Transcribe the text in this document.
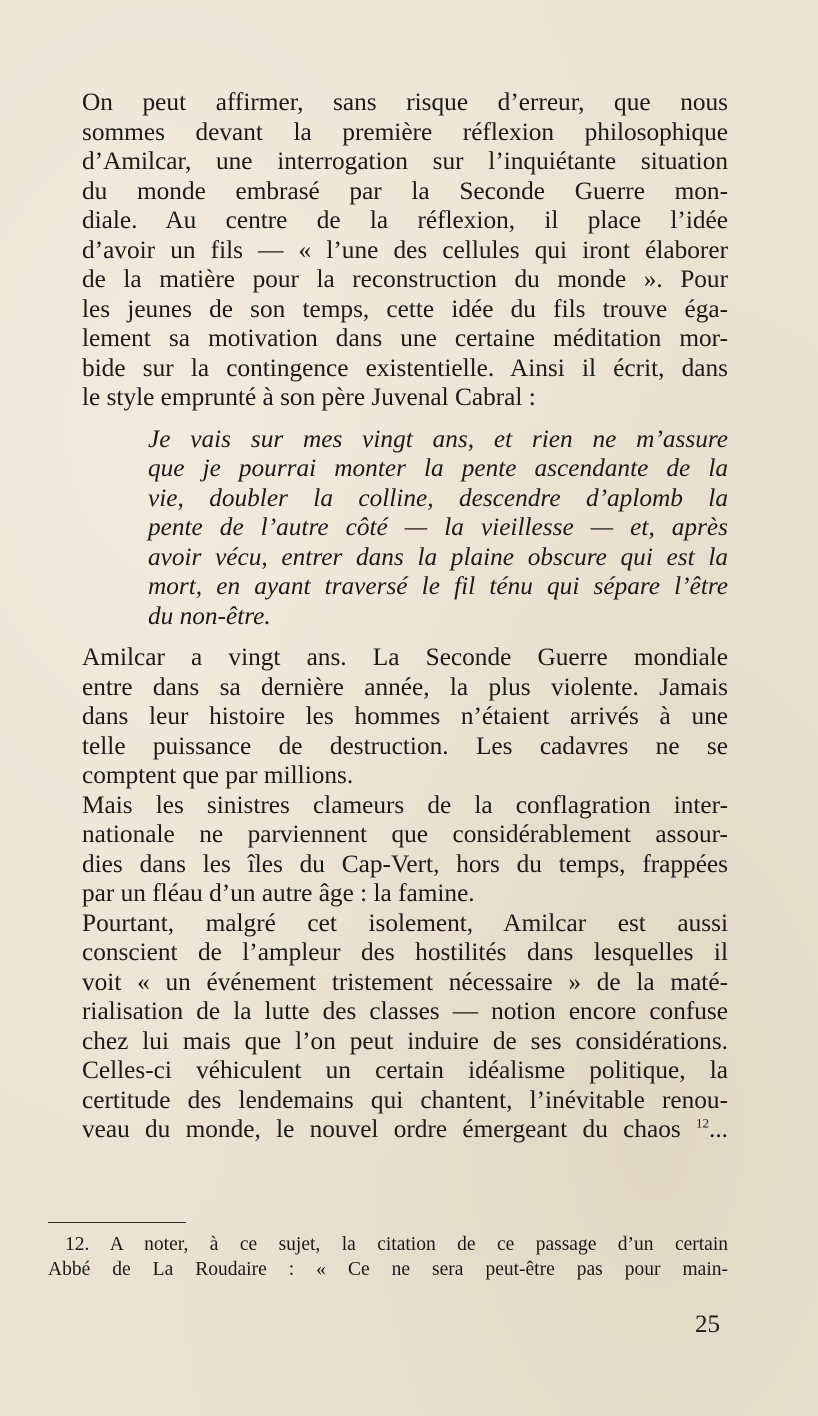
On peut affirmer, sans risque d’erreur, que nous
sommes devant la première réflexion philosophique
d’Amilcar, une interrogation sur l’inquiétante situation
du monde embrasé par la Seconde Guerre mon-
diale. Au centre de la réflexion, il place l’idée
d’avoir un fils — « l’une des cellules qui iront élaborer
de la matière pour la reconstruction du monde ». Pour
les jeunes de son temps, cette idée du fils trouve éga-
lement sa motivation dans une certaine méditation mor-
bide sur la contingence existentielle. Ainsi il écrit, dans
le style emprunté à son père Juvenal Cabral :

Je vais sur mes vingt ans, et rien ne m’assure
que je pourrai monter la pente ascendante de la
vie, doubler la colline, descendre d’aplomb la
pente de l’autre côté — la vieillesse — et, après
avoir vécu, entrer dans la plaine obscure qui est la
mort, en ayant traversé le fil ténu qui sépare l’être
du non-être.

Amilcar a vingt ans. La Seconde Guerre mondiale
entre dans sa dernière année, la plus violente. Jamais
dans leur histoire les hommes n’étaient arrivés à une
telle puissance de destruction. Les cadavres ne se
comptent que par millions.

Mais les sinistres clameurs de la conflagration inter-
nationale ne parviennent que considérablement assour-
dies dans les îles du Cap-Vert, hors du temps, frappées
par un fléau d’un autre âge : la famine.

Pourtant, malgré cet isolement, Amilcar est aussi
conscient de l’ampleur des hostilités dans lesquelles il
voit « un événement tristement nécessaire » de la maté-
rialisation de la lutte des classes — notion encore confuse
chez lui mais que l’on peut induire de ses considérations.
Celles-ci véhiculent un certain idéalisme politique, la
certitude des lendemains qui chantent, l’inévitable renou-
veau du monde, le nouvel ordre émergeant du chaos $^{12}$...

12. A noter, à ce sujet, la citation de ce passage d’un certain
Abbé de La Roudaire : « Ce ne sera peut-être pas pour main-
25
